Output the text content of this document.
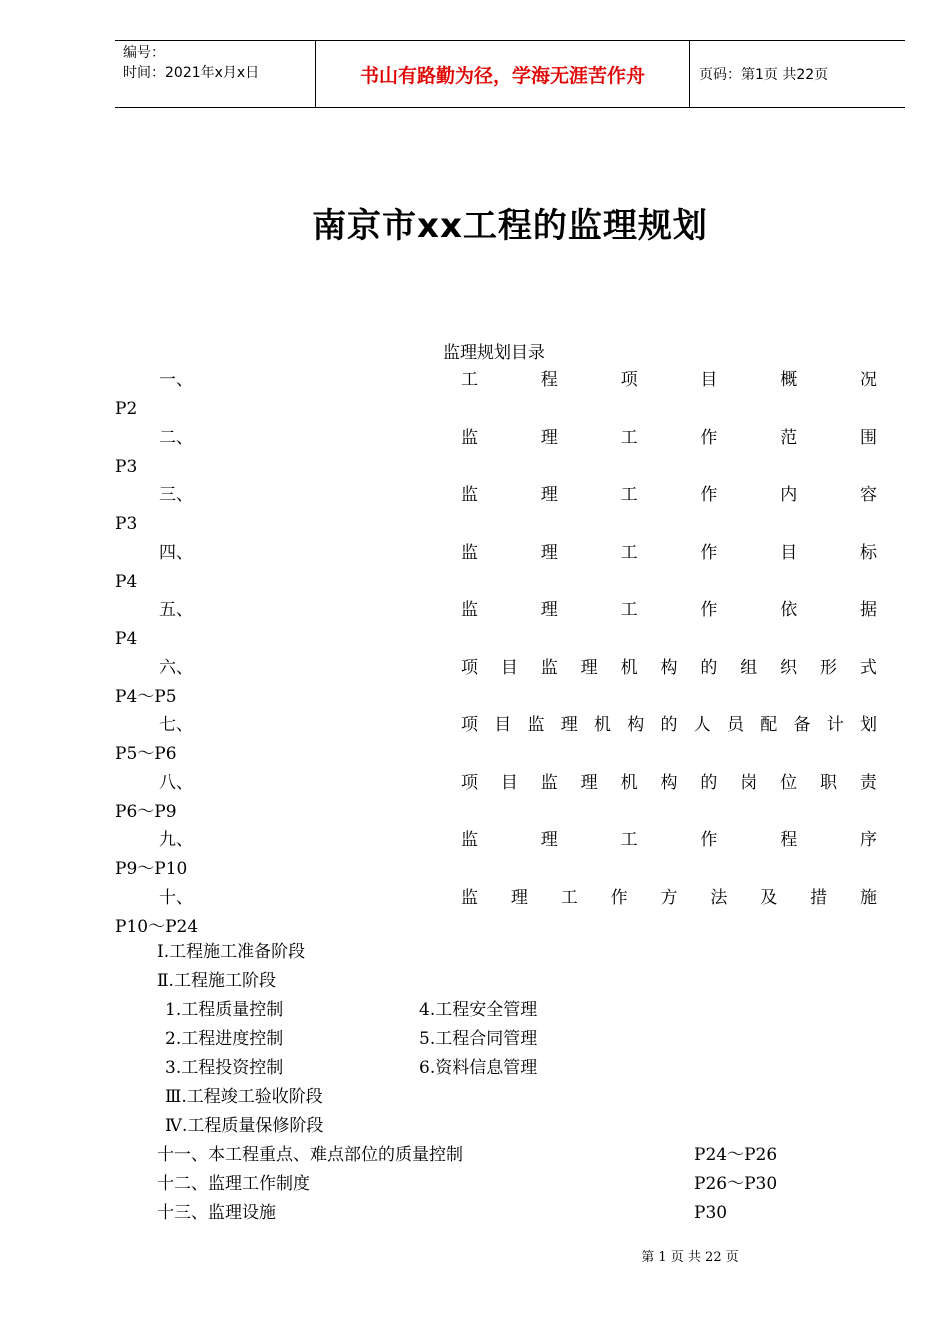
编号：
时间：2021年x月x日	书山有路勤为径，学海无涯苦作舟	页码：第1页 共22页
南京市xx工程的监理规划
监理规划目录
一、	工	程	项	目	概	况
P2
二、	监	理	工	作	范	围
P3
三、	监	理	工	作	内	容
P3
四、	监	理	工	作	目	标
P4
五、	监	理	工	作	依	据
P4
六、	项 目 监 理 机 构 的 组 织 形 式
P4～P5
七、	项 目 监 理 机 构 的 人 员 配 备 计 划
P5～P6
八、	项 目 监 理 机 构 的 岗 位 职 责
P6～P9
九、	监	理	工	作	程	序
P9～P10
十、	监 理 工 作 方 法 及 措 施
P10～P24
Ⅰ.工程施工准备阶段
Ⅱ.工程施工阶段
1.工程质量控制	4.工程安全管理
2.工程进度控制	5.工程合同管理
3.工程投资控制	6.资料信息管理
Ⅲ.工程竣工验收阶段
Ⅳ.工程质量保修阶段
十一、本工程重点、难点部位的质量控制	P24～P26
十二、监理工作制度	P26～P30
十三、监理设施	P30
第 1 页 共 22 页
